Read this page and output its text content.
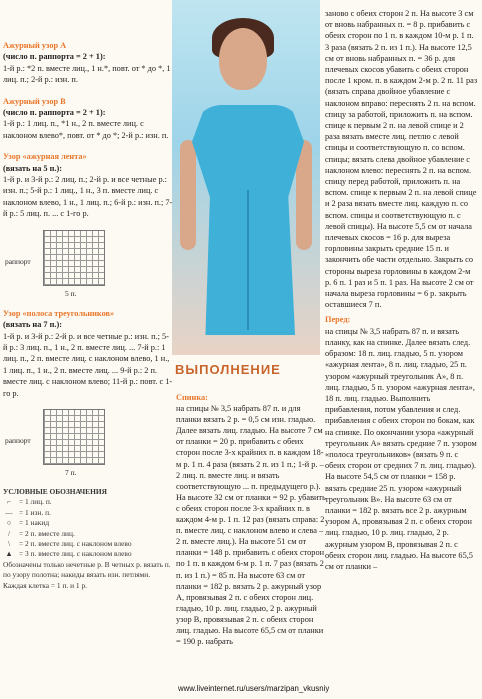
Ажурный узор А
(число п. раппорта = 2 + 1):
1-й р.: *2 п. вместе лиц., 1 н.*, повт. от * до *, 1 лиц. п.; 2-й р.: изн. п.
Ажурный узор В
(число п. раппорта = 2 + 1):
1-й р.: 1 лиц. п., *1 н., 2 п. вместе лиц. с наклоном влево*, повт. от * до *; 2-й р.: изн. п.
Узор «ажурная лента»
(вязать на 5 п.):
1-й р. и 3-й р.: 2 лиц. п.; 2-й р. и все четные р.: изн. п.; 5-й р.: 1 лиц., 1 н., 3 п. вместе лиц. с наклоном влево, 1 н., 1 лиц. п.; 6-й р.: изн. п.; 7-й р.: 5 лиц. п. ... с 1-го р.
раппорт
5 п.
Узор «полоса треугольников»
(вязать на 7 п.):
1-й р. и 3-й р.: 2-й р. и все четные р.: изн. п.; 5-й р.: 3 лиц. п., 1 н., 2 п. вместе лиц. ... 7-й р.: 1 лиц. п., 2 п. вместе лиц. с наклоном влево, 1 н., 1 лиц. п., 1 н., 2 п. вместе лиц. ... 9-й р.: 2 п. вместе лиц. с наклоном влево; 11-й р.: повт. с 1-го р.
раппорт
7 п.
УСЛОВНЫЕ ОБОЗНАЧЕНИЯ
⌐	= 1 лиц. п.
— = 1 изн. п.
○	= 1 накид
/	= 2 п. вместе лиц.
\	= 2 п. вместе лиц. с наклоном влево
▲ = 3 п. вместе лиц. с наклоном влево
Обозначены только нечетные р. В четных р. вязать п. по узору полотна; накиды вязать изн. петлями. Каждая клетка = 1 п. и 1 р.
ВЫПОЛНЕНИЕ
Спинка:
на спицы № 3,5 набрать 87 п. и для планки вязать 2 р. = 0,5 см изн. гладью. Далее вязать лиц. гладью. На высоте 7 см от планки = 20 р. прибавить с обеих сторон после 3-х крайних п. в каждом 18-м р. 1 п. 4 раза (вязать 2 п. из 1 п.; 1-й р. – 2 лиц. п. вместе лиц. и вязать соответствующую ... п. предыдущего р.). На высоте 32 см от планки = 92 р. убавить с обеих сторон после 3-х крайних п. в каждом 4-м р. 1 п. 12 раз (вязать справа: 2 п. вместе лиц. с наклоном влево и слева – 2 п. вместе лиц.). На высоте 51 см от планки = 148 р. прибавить с обеих сторон по 1 п. в каждом 6-м р. 1 п. 7 раз (вязать 2 п. из 1 п.) = 85 п. На высоте 63 см от планки = 182 р. вязать 2 р. ажурный узор А, провязывая 2 п. с обеих сторон лиц. гладью, 10 р. лиц. гладью, 2 р. ажурный узор В, провязывая 2 п. с обеих сторон лиц. гладью. На высоте 65,5 см от планки = 190 р. набрать
заново с обеих сторон 2 п. На высоте 3 см от вновь набранных п. = 8 р. прибавить с обеих сторон по 1 п. в каждом 10-м р. 1 п. 3 раза (вязать 2 п. из 1 п.). На высоте 12,5 см от вновь набранных п. = 36 р. для плечевых скосов убавить с обеих сторон после 1 кром. п. в каждом 2-м р. 2 п. 11 раз (вязать справа двойное убавление с наклоном вправо: переснять 2 п. на вспом. спицу за работой, приложить п. на вспом. спице к первым 2 п. на левой спице и 2 раза вязать вместе лиц. петлю с левой спицы и соответствующую п. со вспом. спицы; вязать слева двойное убавление с наклоном влево: переснять 2 п. на вспом. спицу перед работой, приложить п. на вспом. спице к первым 2 п. на левой спице и 2 раза вязать вместе лиц. каждую п. со вспом. спицы и соответствующую п. с левой спицы). На высоте 5,5 см от начала плечевых скосов = 16 р. для выреза горловины закрыть средние 15 п. и закончить обе части отдельно. Закрыть со стороны выреза горловины в каждом 2-м р. 6 п. 1 раз и 5 п. 1 раз. На высоте 2 см от начала выреза горловины = 6 р. закрыть оставшиеся 7 п.
Перед:
на спицы № 3,5 набрать 87 п. и вязать планку, как на спинке. Далее вязать след. образом: 18 п. лиц. гладью, 5 п. узором «ажурная лента», 8 п. лиц. гладью, 25 п. узором «ажурный треугольник А», 8 п. лиц. гладью, 5 п. узором «ажурная лента», 18 п. лиц. гладью. Выполнить прибавления, потом убавления и след. прибавления с обеих сторон по бокам, как на спинке. По окончании узора «ажурный треугольник А» вязать средние 7 п. узором «полоса треугольников» (вязать 9 п. с обеих сторон от средних 7 п. лиц. гладью). На высоте 54,5 см от планки = 158 р. вязать средние 25 п. узором «ажурный треугольник В». На высоте 63 см от планки = 182 р. вязать все 2 р. ажурным узором А, провязывая 2 п. с обеих сторон лиц. гладью, 10 р. лиц. гладью, 2 р. ажурным узором В, провязывая 2 п. с обеих сторон лиц. гладью. На высоте 65,5 см от планки –
www.liveinternet.ru/users/marzipan_vkusniy
